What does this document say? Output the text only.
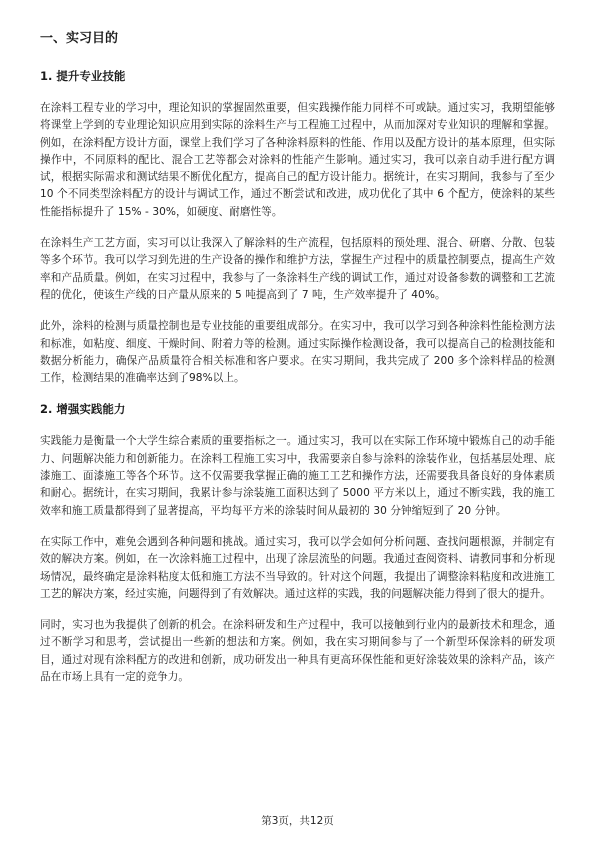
一、实习目的
1. 提升专业技能

在涂料工程专业的学习中，理论知识的掌握固然重要，但实践操作能力同样不可或缺。通过实习，我期望能够将课堂上学到的专业理论知识应用到实际的涂料生产与工程施工过程中，从而加深对专业知识的理解和掌握。例如，在涂料配方设计方面，课堂上我们学习了各种涂料原料的性能、作用以及配方设计的基本原理，但实际操作中，不同原料的配比、混合工艺等都会对涂料的性能产生影响。通过实习，我可以亲自动手进行配方调试，根据实际需求和测试结果不断优化配方，提高自己的配方设计能力。据统计，在实习期间，我参与了至少 10 个不同类型涂料配方的设计与调试工作，通过不断尝试和改进，成功优化了其中 6 个配方，使涂料的某些性能指标提升了 15% - 30%，如硬度、耐磨性等。

在涂料生产工艺方面，实习可以让我深入了解涂料的生产流程，包括原料的预处理、混合、研磨、分散、包装等多个环节。我可以学习到先进的生产设备的操作和维护方法，掌握生产过程中的质量控制要点，提高生产效率和产品质量。例如，在实习过程中，我参与了一条涂料生产线的调试工作，通过对设备参数的调整和工艺流程的优化，使该生产线的日产量从原来的 5 吨提高到了 7 吨，生产效率提升了 40%。

此外，涂料的检测与质量控制也是专业技能的重要组成部分。在实习中，我可以学习到各种涂料性能检测方法和标准，如粘度、细度、干燥时间、附着力等的检测。通过实际操作检测设备，我可以提高自己的检测技能和数据分析能力，确保产品质量符合相关标准和客户要求。在实习期间，我共完成了 200 多个涂料样品的检测工作，检测结果的准确率达到了98%以上。

2. 增强实践能力

实践能力是衡量一个大学生综合素质的重要指标之一。通过实习，我可以在实际工作环境中锻炼自己的动手能力、问题解决能力和创新能力。在涂料工程施工实习中，我需要亲自参与涂料的涂装作业，包括基层处理、底漆施工、面漆施工等各个环节。这不仅需要我掌握正确的施工工艺和操作方法，还需要我具备良好的身体素质和耐心。据统计，在实习期间，我累计参与涂装施工面积达到了 5000 平方米以上，通过不断实践，我的施工效率和施工质量都得到了显著提高，平均每平方米的涂装时间从最初的 30 分钟缩短到了 20 分钟。

在实际工作中，难免会遇到各种问题和挑战。通过实习，我可以学会如何分析问题、查找问题根源，并制定有效的解决方案。例如，在一次涂料施工过程中，出现了涂层流坠的问题。我通过查阅资料、请教同事和分析现场情况，最终确定是涂料粘度太低和施工方法不当导致的。针对这个问题，我提出了调整涂料粘度和改进施工工艺的解决方案，经过实施，问题得到了有效解决。通过这样的实践，我的问题解决能力得到了很大的提升。

同时，实习也为我提供了创新的机会。在涂料研发和生产过程中，我可以接触到行业内的最新技术和理念，通过不断学习和思考，尝试提出一些新的想法和方案。例如，我在实习期间参与了一个新型环保涂料的研发项目，通过对现有涂料配方的改进和创新，成功研发出一种具有更高环保性能和更好涂装效果的涂料产品，该产品在市场上具有一定的竞争力。

第3页，共12页
